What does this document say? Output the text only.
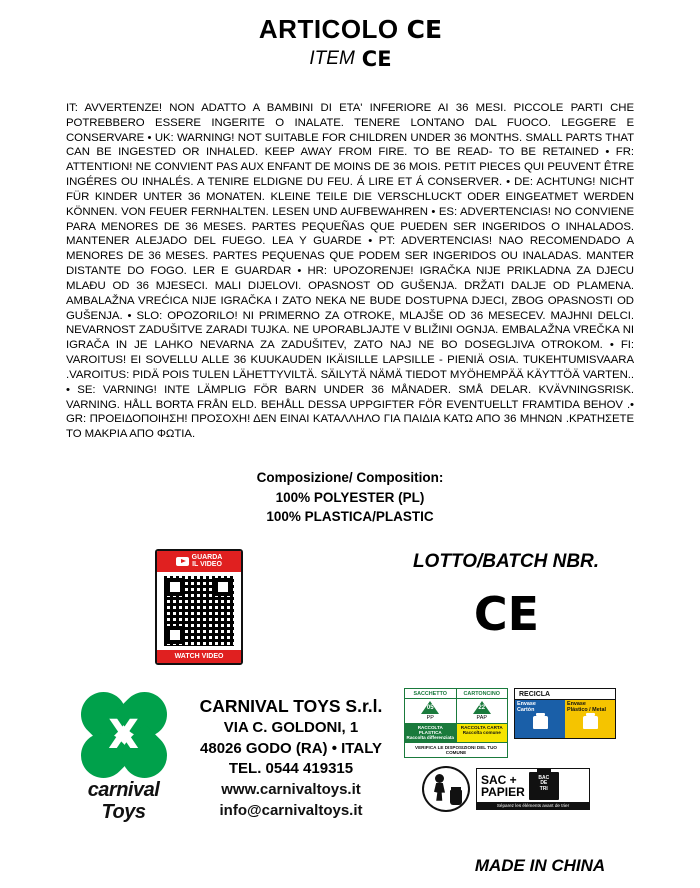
ARTICOLO C E
ITEM C E
IT: AVVERTENZE! NON ADATTO A BAMBINI DI ETA' INFERIORE AI 36 MESI. PICCOLE PARTI CHE POTREBBERO ESSERE INGERITE O INALATE. TENERE LONTANO DAL FUOCO. LEGGERE E CONSERVARE • UK: WARNING! NOT SUITABLE FOR CHILDREN UNDER 36 MONTHS. SMALL PARTS THAT CAN BE INGESTED OR INHALED. KEEP AWAY FROM FIRE. TO BE READ- TO BE RETAINED • FR: ATTENTION! NE CONVIENT PAS AUX ENFANT DE MOINS DE 36 MOIS. PETIT PIECES QUI PEUVENT ÊTRE INGÉRES OU INHALÉS. A TENIRE ELDIGNE DU FEU. Á LIRE ET Á CONSERVER. • DE: ACHTUNG! NICHT FÜR KINDER UNTER 36 MONATEN. KLEINE TEILE DIE VERSCHLUCKT ODER EINGEATMET WERDEN KÖNNEN. VON FEUER FERNHALTEN. LESEN UND AUFBEWAHREN • ES: ADVERTENCIAS! NO CONVIENE PARA MENORES DE 36 MESES. PARTES PEQUEÑAS QUE PUEDEN SER INGERIDOS O INHALADOS. MANTENER ALEJADO DEL FUEGO. LEA Y GUARDE • PT: ADVERTENCIAS! NAO RECOMENDADO A MENORES DE 36 MESES. PARTES PEQUENAS QUE PODEM SER INGERIDOS OU INALADAS. MANTER DISTANTE DO FOGO. LER E GUARDAR • HR: UPOZORENJE! IGRAČKA NIJE PRIKLADNA ZA DJECU MLAĐU OD 36 MJESECI. MALI DIJELOVI. OPASNOST OD GUŠENJA. DRŽATI DALJE OD PLAMENA. AMBALAŽNA VREĆICA NIJE IGRAČKA I ZATO NEKA NE BUDE DOSTUPNA DJECI, ZBOG OPASNOSTI OD GUŠENJA. • SLO: OPOZORILO! NI PRIMERNO ZA OTROKE, MLAJŠE OD 36 MESECEV. MAJHNI DELCI. NEVARNOST ZADUŠITVE ZARADI TUJKA. NE UPORABLJAJTE V BLIŽINI OGNJA. EMBALAŽNA VREČKA NI IGRAČA IN JE LAHKO NEVARNA ZA ZADUŠITEV, ZATO NAJ NE BO DOSEGLJIVA OTROKOM. • FI: VAROITUS! EI SOVELLU ALLE 36 KUUKAUDEN IKÄISILLE LAPSILLE - PIENIÄ OSIA. TUKEHTUMISVAARA .VAROITUS: PIDÄ POIS TULEN LÄHETTYVILTÄ. SÄILYTÄ NÄMÄ TIEDOT MYÖHEMPÄÄ KÄYTTÖÄ VARTEN.. • SE: VARNING! INTE LÄMPLIG FÖR BARN UNDER 36 MÅNADER. SMÅ DELAR. KVÄVNINGSRISK. VARNING. HÅLL BORTA FRÅN ELD. BEHÅLL DESSA UPPGIFTER FÖR EVENTUELLT FRAMTIDA BEHOV .• GR: ΠΡΟΕΙΔΟΠΟΙΗΣΗ! ΠΡΟΣΟΧΗ! ΔΕΝ ΕΙΝΑΙ ΚΑΤΑΛΛΗΛΟ ΓΙΑ ΠΑΙΔΙΑ ΚΑΤΩ ΑΠΟ 36 ΜΗΝΩΝ .ΚΡΑΤΗΣΕΤΕ ΤΟ ΜΑΚΡΙΑ ΑΠΟ ΦΩΤΙΑ.
Composizione/ Composition:
100% POLYESTER (PL)
100% PLASTICA/PLASTIC
GUARDA
IL VIDEO
WATCH VIDEO
LOTTO/BATCH NBR.
C E
X
carnival
Toys
CARNIVAL TOYS S.r.l.
VIA C. GOLDONI, 1
48026 GODO (RA) • ITALY
TEL. 0544 419315
www.carnivaltoys.it
info@carnivaltoys.it
SACCHETTO	CARTONCINO
05
PP
22
PAP
RACCOLTA PLASTICA
Raccolta differenziata
RACCOLTA CARTA
Raccolta comune
VERIFICA LE DISPOSIZIONI DEL TUO COMUNE
RECICLA
Envase
Cartón
Envase
Plástico / Metal
SAC +
PAPIER
BAC
DE
TRI
Séparez les éléments avant de trier
MADE IN CHINA
